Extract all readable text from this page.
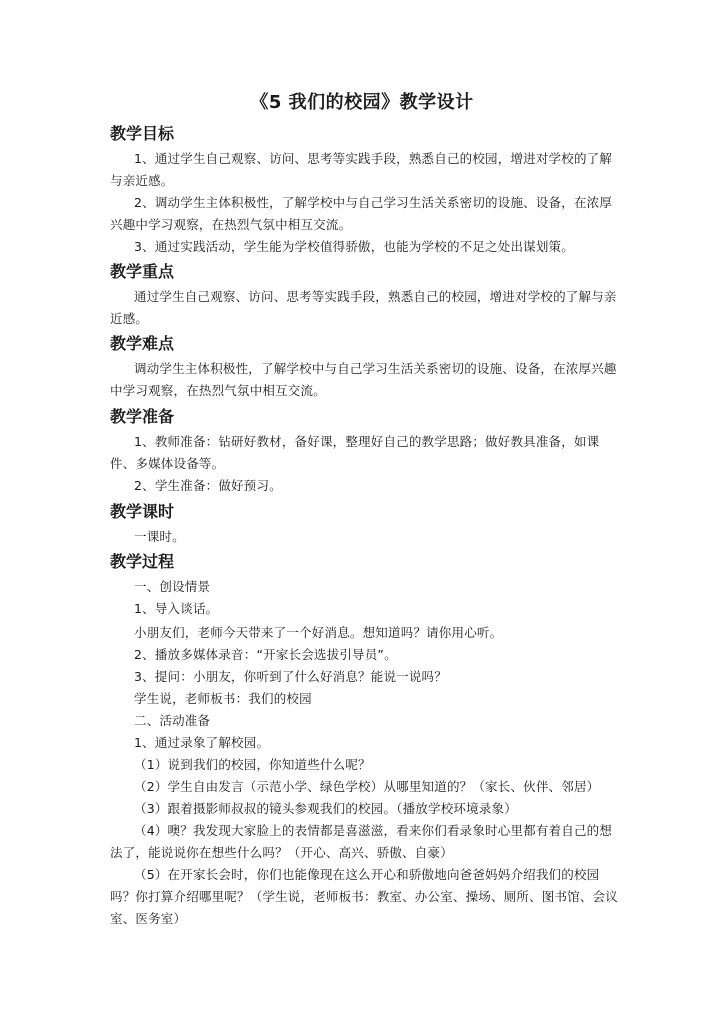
《5 我们的校园》教学设计
教学目标
1、通过学生自己观察、访问、思考等实践手段，熟悉自己的校园，增进对学校的了解与亲近感。
2、调动学生主体积极性，了解学校中与自己学习生活关系密切的设施、设备，在浓厚兴趣中学习观察，在热烈气氛中相互交流。
3、通过实践活动，学生能为学校值得骄傲，也能为学校的不足之处出谋划策。
教学重点
通过学生自己观察、访问、思考等实践手段，熟悉自己的校园，增进对学校的了解与亲近感。
教学难点
调动学生主体积极性，了解学校中与自己学习生活关系密切的设施、设备，在浓厚兴趣中学习观察，在热烈气氛中相互交流。
教学准备
1、教师准备：钻研好教材，备好课，整理好自己的教学思路；做好教具准备，如课件、多媒体设备等。
2、学生准备：做好预习。
教学课时
一课时。
教学过程
一、创设情景
1、导入谈话。
小朋友们，老师今天带来了一个好消息。想知道吗？请你用心听。
2、播放多媒体录音：“开家长会选拔引导员”。
3、提问：小朋友，你听到了什么好消息？能说一说吗？
学生说，老师板书：我们的校园
二、活动准备
1、通过录象了解校园。
（1）说到我们的校园，你知道些什么呢？
（2）学生自由发言（示范小学、绿色学校）从哪里知道的？（家长、伙伴、邻居）
（3）跟着摄影师叔叔的镜头参观我们的校园。（播放学校环境录象）
（4）噢？我发现大家脸上的表情都是喜滋滋，看来你们看录象时心里都有着自己的想法了，能说说你在想些什么吗？（开心、高兴、骄傲、自豪）
（5）在开家长会时，你们也能像现在这么开心和骄傲地向爸爸妈妈介绍我们的校园吗？你打算介绍哪里呢？（学生说，老师板书：教室、办公室、操场、厕所、图书馆、会议室、医务室）
